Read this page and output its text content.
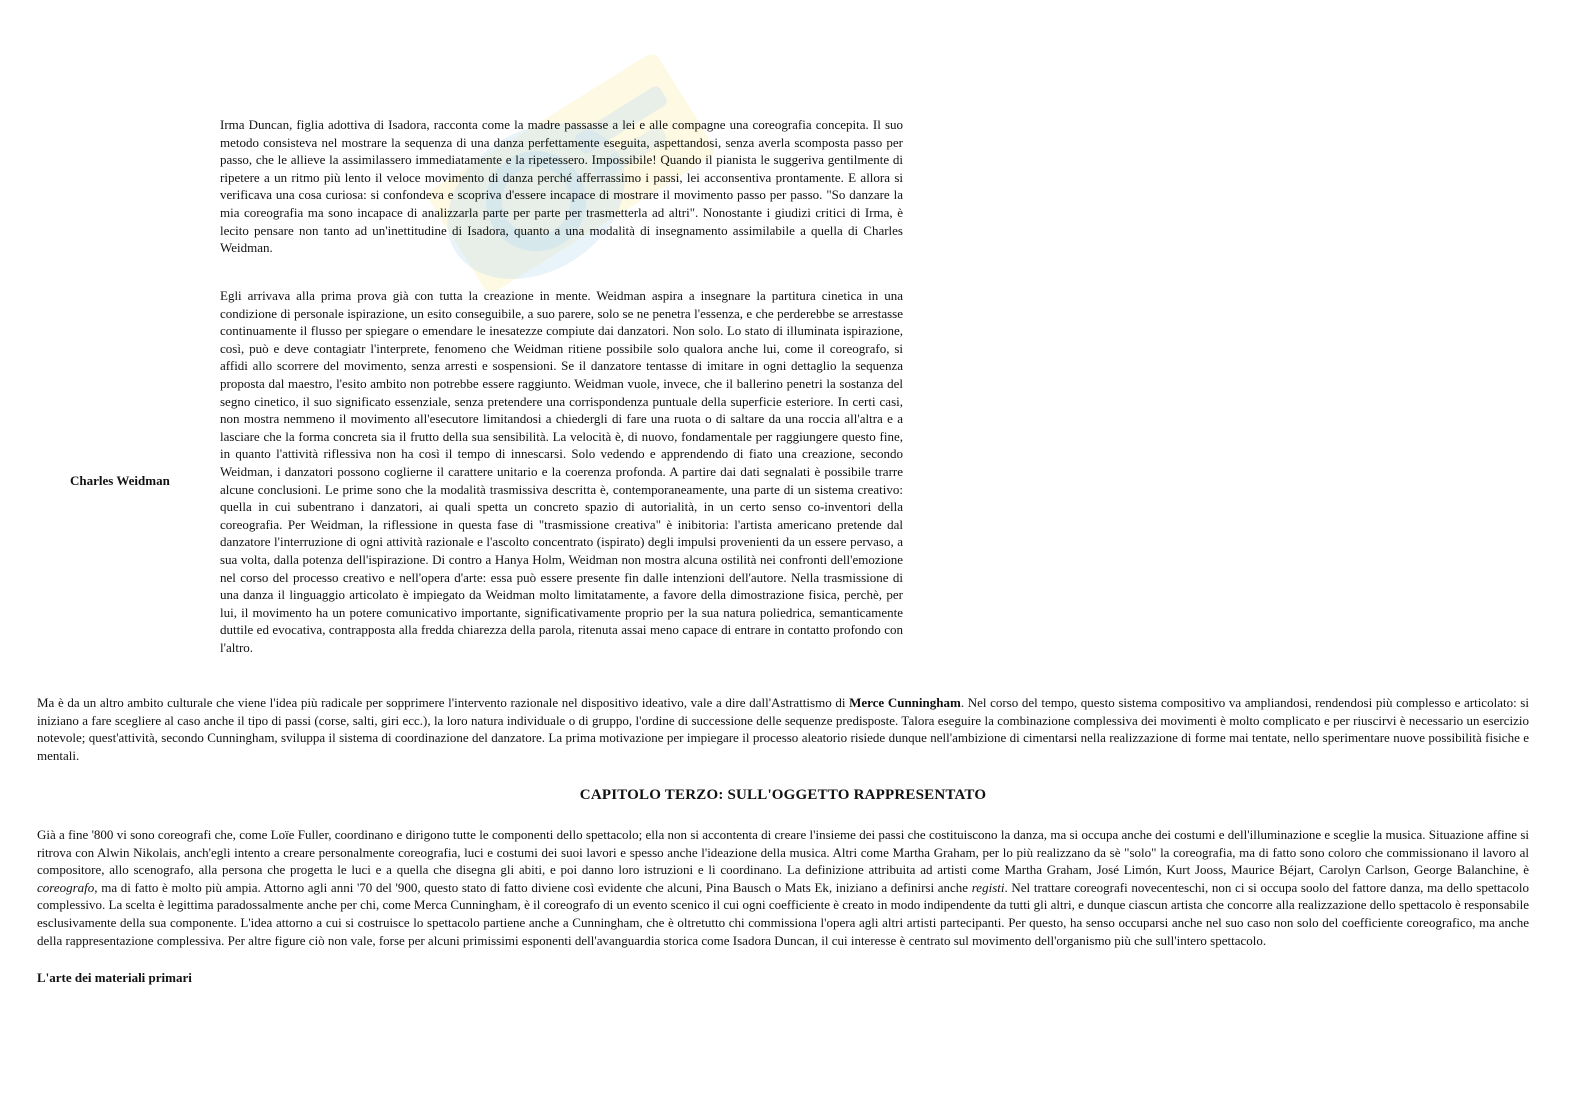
Irma Duncan, figlia adottiva di Isadora, racconta come la madre passasse a lei e alle compagne una coreografia concepita. Il suo metodo consisteva nel mostrare la sequenza di una danza perfettamente eseguita, aspettandosi, senza averla scomposta passo per passo, che le allieve la assimilassero immediatamente e la ripetessero. Impossibile! Quando il pianista le suggeriva gentilmente di ripetere a un ritmo più lento il veloce movimento di danza perché afferrassimo i passi, lei acconsentiva prontamente. E allora si verificava una cosa curiosa: si confondeva e scopriva d'essere incapace di mostrare il movimento passo per passo. "So danzare la mia coreografia ma sono incapace di analizzarla parte per parte per trasmetterla ad altri". Nonostante i giudizi critici di Irma, è lecito pensare non tanto ad un'inettitudine di Isadora, quanto a una modalità di insegnamento assimilabile a quella di Charles Weidman.

Charles Weidman

Egli arrivava alla prima prova già con tutta la creazione in mente. Weidman aspira a insegnare la partitura cinetica in una condizione di personale ispirazione, un esito conseguibile, a suo parere, solo se ne penetra l'essenza, e che perderebbe se arrestasse continuamente il flusso per spiegare o emendare le inesatezze compiute dai danzatori. Non solo. Lo stato di illuminata ispirazione, così, può e deve contagiatr l'interprete, fenomeno che Weidman ritiene possibile solo qualora anche lui, come il coreografo, si affidi allo scorrere del movimento, senza arresti e sospensioni. Se il danzatore tentasse di imitare in ogni dettaglio la sequenza proposta dal maestro, l'esito ambito non potrebbe essere raggiunto. Weidman vuole, invece, che il ballerino penetri la sostanza del segno cinetico, il suo significato essenziale, senza pretendere una corrispondenza puntuale della superficie esteriore. In certi casi, non mostra nemmeno il movimento all'esecutore limitandosi a chiedergli di fare una ruota o di saltare da una roccia all'altra e a lasciare che la forma concreta sia il frutto della sua sensibilità. La velocità è, di nuovo, fondamentale per raggiungere questo fine, in quanto l'attività riflessiva non ha così il tempo di innescarsi. Solo vedendo e apprendendo di fiato una creazione, secondo Weidman, i danzatori possono coglierne il carattere unitario e la coerenza profonda. A partire dai dati segnalati è possibile trarre alcune conclusioni. Le prime sono che la modalità trasmissiva descritta è, contemporaneamente, una parte di un sistema creativo: quella in cui subentrano i danzatori, ai quali spetta un concreto spazio di autorialità, in un certo senso co-inventori della coreografia. Per Weidman, la riflessione in questa fase di "trasmissione creativa" è inibitoria: l'artista americano pretende dal danzatore l'interruzione di ogni attività razionale e l'ascolto concentrato (ispirato) degli impulsi provenienti da un essere pervaso, a sua volta, dalla potenza dell'ispirazione. Di contro a Hanya Holm, Weidman non mostra alcuna ostilità nei confronti dell'emozione nel corso del processo creativo e nell'opera d'arte: essa può essere presente fin dalle intenzioni dell'autore. Nella trasmissione di una danza il linguaggio articolato è impiegato da Weidman molto limitatamente, a favore della dimostrazione fisica, perchè, per lui, il movimento ha un potere comunicativo importante, significativamente proprio per la sua natura poliedrica, semanticamente duttile ed evocativa, contrapposta alla fredda chiarezza della parola, ritenuta assai meno capace di entrare in contatto profondo con l'altro.

Ma è da un altro ambito culturale che viene l'idea più radicale per sopprimere l'intervento razionale nel dispositivo ideativo, vale a dire dall'Astrattismo di Merce Cunningham. Nel corso del tempo, questo sistema compositivo va ampliandosi, rendendosi più complesso e articolato: si iniziano a fare scegliere al caso anche il tipo di passi (corse, salti, giri ecc.), la loro natura individuale o di gruppo, l'ordine di successione delle sequenze predisposte. Talora eseguire la combinazione complessiva dei movimenti è molto complicato e per riuscirvi è necessario un esercizio notevole; quest'attività, secondo Cunningham, sviluppa il sistema di coordinazione del danzatore. La prima motivazione per impiegare il processo aleatorio risiede dunque nell'ambizione di cimentarsi nella realizzazione di forme mai tentate, nello sperimentare nuove possibilità fisiche e mentali.

CAPITOLO TERZO: SULL'OGGETTO RAPPRESENTATO

Già a fine '800 vi sono coreografi che, come Loïe Fuller, coordinano e dirigono tutte le componenti dello spettacolo; ella non si accontenta di creare l'insieme dei passi che costituiscono la danza, ma si occupa anche dei costumi e dell'illuminazione e sceglie la musica. Situazione affine si ritrova con Alwin Nikolais, anch'egli intento a creare personalmente coreografia, luci e costumi dei suoi lavori e spesso anche l'ideazione della musica. Altri come Martha Graham, per lo più realizzano da sè "solo" la coreografia, ma di fatto sono coloro che commissionano il lavoro al compositore, allo scenografo, alla persona che progetta le luci e a quella che disegna gli abiti, e poi danno loro istruzioni e li coordinano. La definizione attribuita ad artisti come Martha Graham, José Limón, Kurt Jooss, Maurice Béjart, Carolyn Carlson, George Balanchine, è coreografo, ma di fatto è molto più ampia. Attorno agli anni '70 del '900, questo stato di fatto diviene così evidente che alcuni, Pina Bausch o Mats Ek, iniziano a definirsi anche registi. Nel trattare coreografi novecenteschi, non ci si occupa soolo del fattore danza, ma dello spettacolo complessivo. La scelta è legittima paradossalmente anche per chi, come Merca Cunningham, è il coreografo di un evento scenico il cui ogni coefficiente è creato in modo indipendente da tutti gli altri, e dunque ciascun artista che concorre alla realizzazione dello spettacolo è responsabile esclusivamente della sua componente. L'idea attorno a cui si costruisce lo spettacolo partiene anche a Cunningham, che è oltretutto chi commissiona l'opera agli altri artisti partecipanti. Per questo, ha senso occuparsi anche nel suo caso non solo del coefficiente coreografico, ma anche della rappresentazione complessiva. Per altre figure ciò non vale, forse per alcuni primissimi esponenti dell'avanguardia storica come Isadora Duncan, il cui interesse è centrato sul movimento dell'organismo più che sull'intero spettacolo.

L'arte dei materiali primari
